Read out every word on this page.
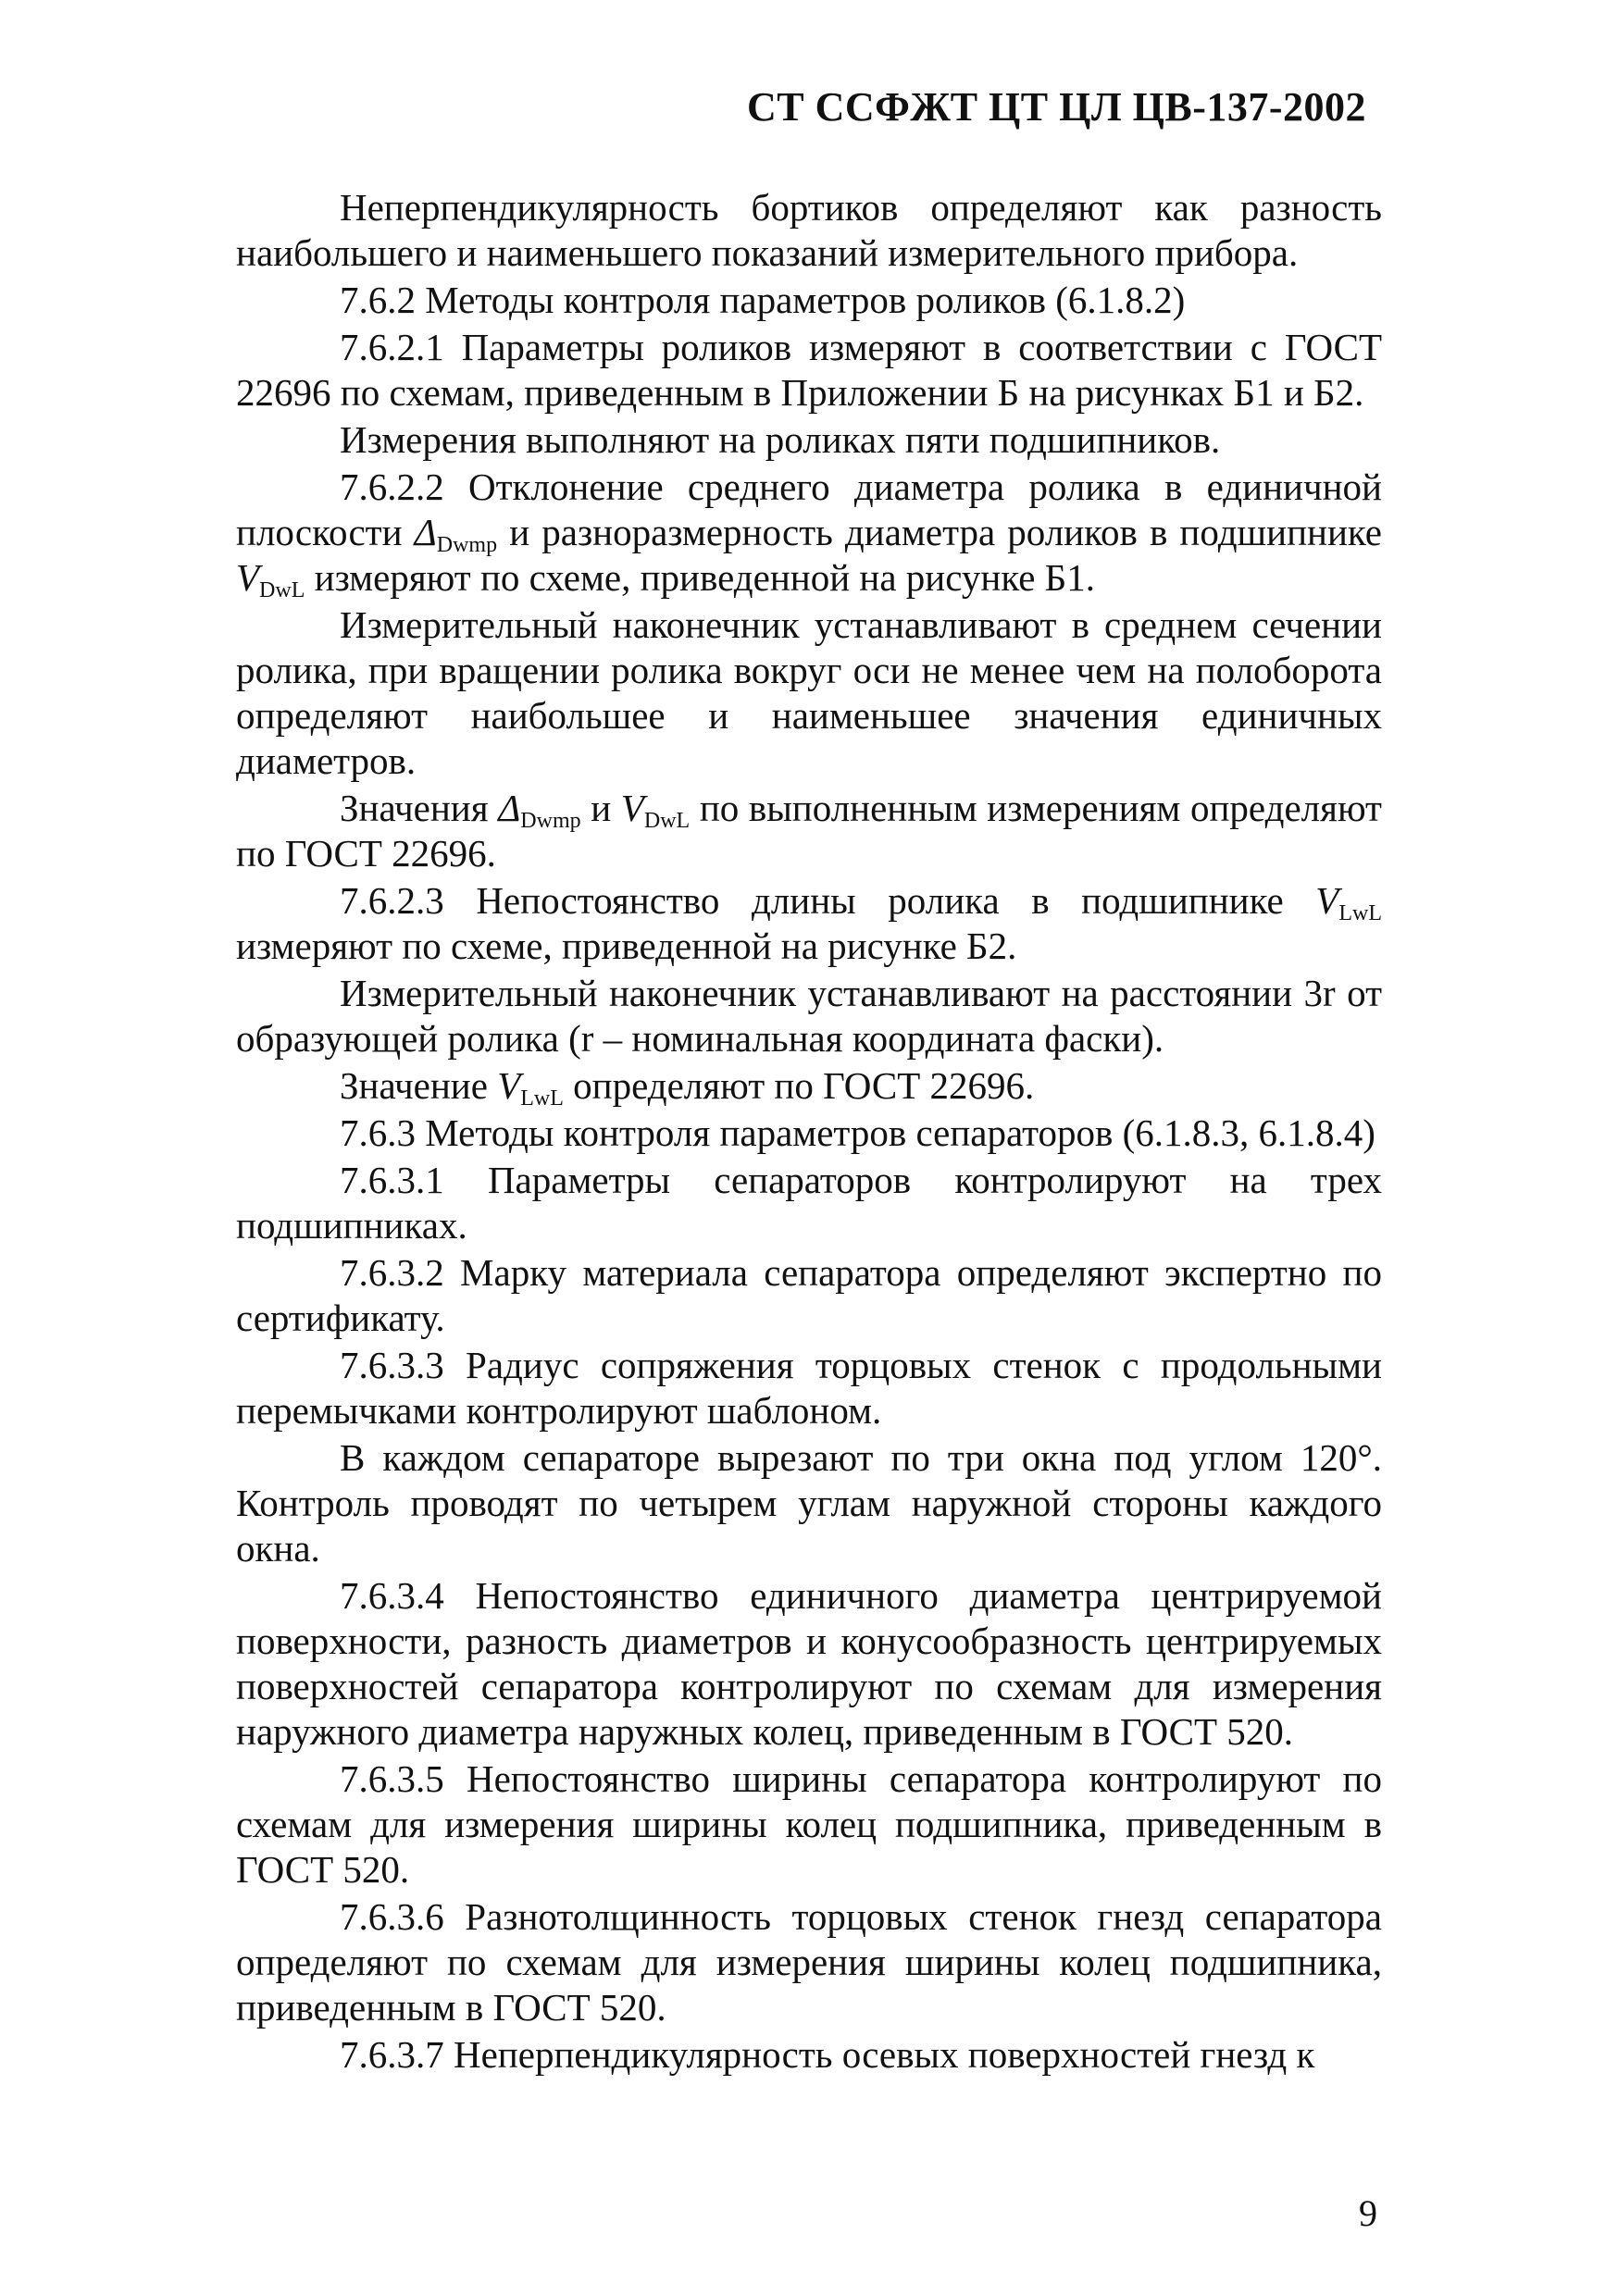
СТ ССФЖТ ЦТ ЦЛ ЦВ-137-2002

Неперпендикулярность бортиков определяют как разность наибольшего и наименьшего показаний измерительного прибора.

7.6.2 Методы контроля параметров роликов (6.1.8.2)

7.6.2.1 Параметры роликов измеряют в соответствии с ГОСТ 22696 по схемам, приведенным в Приложении Б на рисунках Б1 и Б2.

Измерения выполняют на роликах пяти подшипников.

7.6.2.2 Отклонение среднего диаметра ролика в единичной плоскости $\Delta_{Dwmp}$ и разноразмерность диаметра роликов в подшипнике $V_{DwL}$ измеряют по схеме, приведенной на рисунке Б1.

Измерительный наконечник устанавливают в среднем сечении ролика, при вращении ролика вокруг оси не менее чем на полоборота определяют наибольшее и наименьшее значения единичных диаметров.

Значения $\Delta_{Dwmp}$ и $V_{DwL}$ по выполненным измерениям определяют по ГОСТ 22696.

7.6.2.3 Непостоянство длины ролика в подшипнике $V_{LwL}$ измеряют по схеме, приведенной на рисунке Б2.

Измерительный наконечник устанавливают на расстоянии 3r от образующей ролика (r – номинальная координата фаски).

Значение $V_{LwL}$ определяют по ГОСТ 22696.

7.6.3 Методы контроля параметров сепараторов (6.1.8.3, 6.1.8.4)

7.6.3.1 Параметры сепараторов контролируют на трех подшипниках.

7.6.3.2 Марку материала сепаратора определяют экспертно по сертификату.

7.6.3.3 Радиус сопряжения торцовых стенок с продольными перемычками контролируют шаблоном.

В каждом сепараторе вырезают по три окна под углом 120°. Контроль проводят по четырем углам наружной стороны каждого окна.

7.6.3.4 Непостоянство единичного диаметра центрируемой поверхности, разность диаметров и конусообразность центрируемых поверхностей сепаратора контролируют по схемам для измерения наружного диаметра наружных колец, приведенным в ГОСТ 520.

7.6.3.5 Непостоянство ширины сепаратора контролируют по схемам для измерения ширины колец подшипника, приведенным в ГОСТ 520.

7.6.3.6 Разнотолщинность торцовых стенок гнезд сепаратора определяют по схемам для измерения ширины колец подшипника, приведенным в ГОСТ 520.

7.6.3.7 Неперпендикулярность осевых поверхностей гнезд к

9
